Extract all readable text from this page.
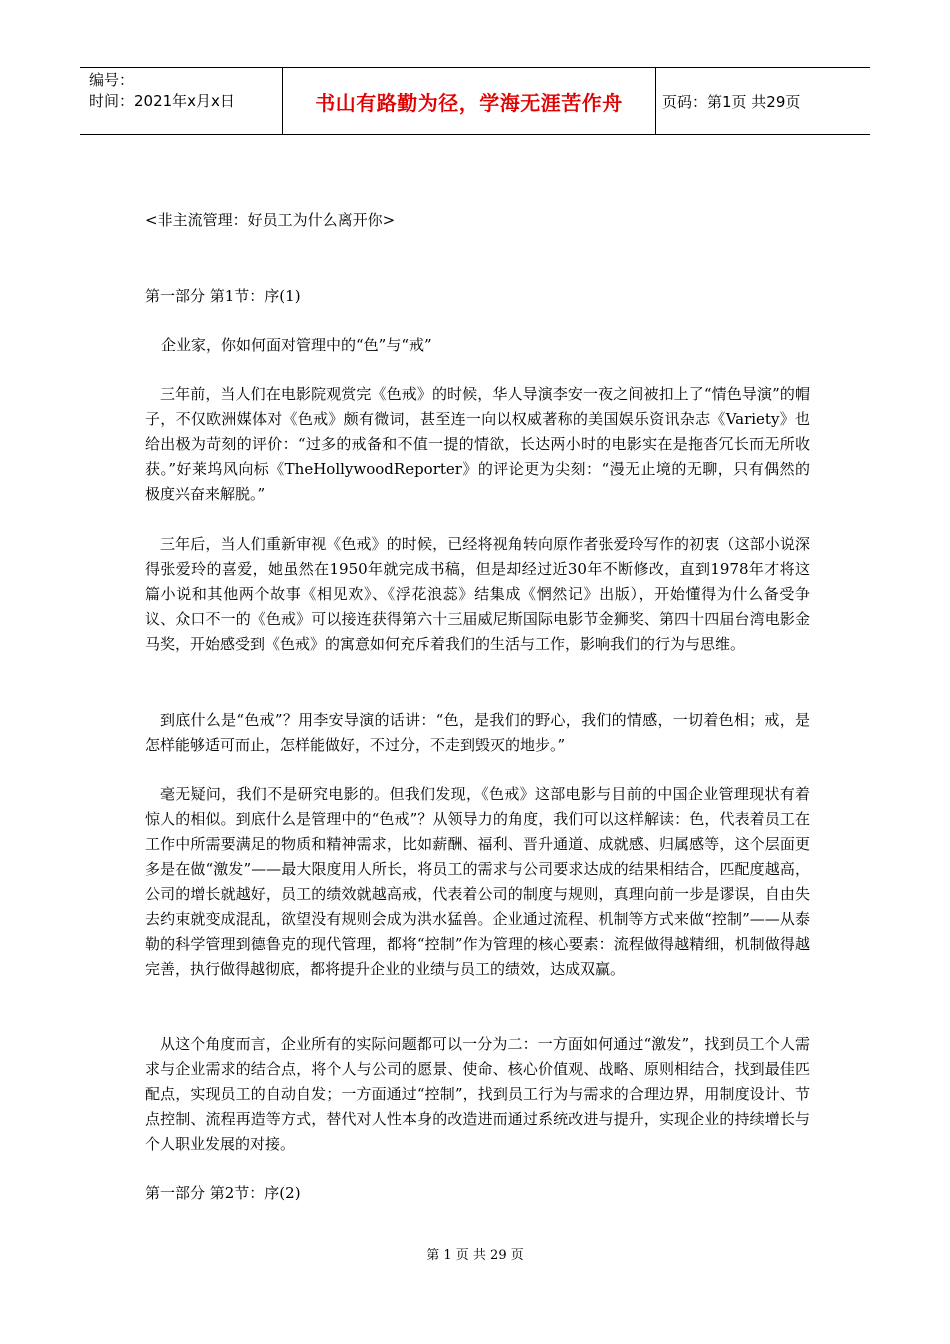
编号：
时间：2021年x月x日	书山有路勤为径，学海无涯苦作舟	页码：第1页 共29页
<非主流管理：好员工为什么离开你>
第一部分 第1节：序(1)
企业家，你如何面对管理中的“色”与“戒”

三年前，当人们在电影院观赏完《色戒》的时候，华人导演李安一夜之间被扣上了“情色导演”的帽子，不仅欧洲媒体对《色戒》颇有微词，甚至连一向以权威著称的美国娱乐资讯杂志《Variety》也给出极为苛刻的评价：“过多的戒备和不值一提的情欲，长达两小时的电影实在是拖沓冗长而无所收获。”好莱坞风向标《TheHollywoodReporter》的评论更为尖刻：“漫无止境的无聊，只有偶然的极度兴奋来解脱。”

三年后，当人们重新审视《色戒》的时候，已经将视角转向原作者张爱玲写作的初衷（这部小说深得张爱玲的喜爱，她虽然在1950年就完成书稿，但是却经过近30年不断修改，直到1978年才将这篇小说和其他两个故事《相见欢》、《浮花浪蕊》结集成《惘然记》出版），开始懂得为什么备受争议、众口不一的《色戒》可以接连获得第六十三届威尼斯国际电影节金狮奖、第四十四届台湾电影金马奖，开始感受到《色戒》的寓意如何充斥着我们的生活与工作，影响我们的行为与思维。

到底什么是“色戒”？用李安导演的话讲：“色，是我们的野心，我们的情感，一切着色相；戒，是怎样能够适可而止，怎样能做好，不过分，不走到毁灭的地步。”

毫无疑问，我们不是研究电影的。但我们发现，《色戒》这部电影与目前的中国企业管理现状有着惊人的相似。到底什么是管理中的“色戒”？从领导力的角度，我们可以这样解读：色，代表着员工在工作中所需要满足的物质和精神需求，比如薪酬、福利、晋升通道、成就感、归属感等，这个层面更多是在做“激发”——最大限度用人所长，将员工的需求与公司要求达成的结果相结合，匹配度越高，公司的增长就越好，员工的绩效就越高戒，代表着公司的制度与规则，真理向前一步是谬误，自由失去约束就变成混乱，欲望没有规则会成为洪水猛兽。企业通过流程、机制等方式来做“控制”——从泰勒的科学管理到德鲁克的现代管理，都将“控制”作为管理的核心要素：流程做得越精细，机制做得越完善，执行做得越彻底，都将提升企业的业绩与员工的绩效，达成双赢。

从这个角度而言，企业所有的实际问题都可以一分为二：一方面如何通过“激发”，找到员工个人需求与企业需求的结合点，将个人与公司的愿景、使命、核心价值观、战略、原则相结合，找到最佳匹配点，实现员工的自动自发；一方面通过“控制”，找到员工行为与需求的合理边界，用制度设计、节点控制、流程再造等方式，替代对人性本身的改造进而通过系统改进与提升，实现企业的持续增长与个人职业发展的对接。

第一部分 第2节：序(2)
第 1 页 共 29 页
